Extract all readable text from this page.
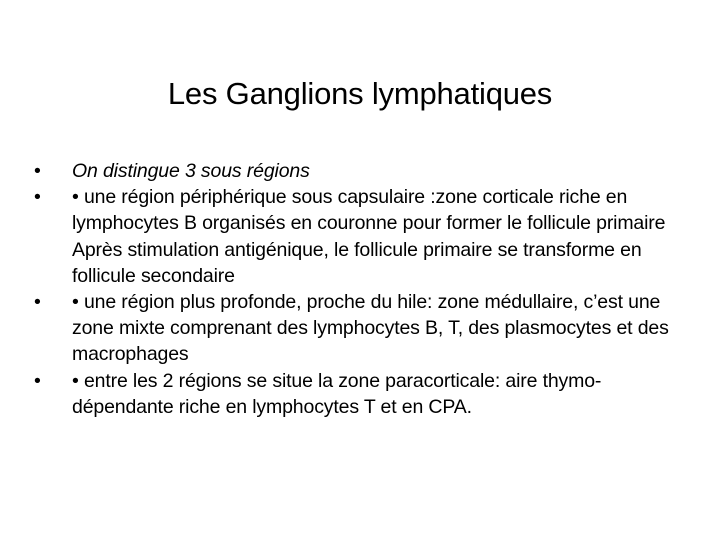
Les Ganglions lymphatiques
•	On distingue 3 sous régions
•	• une région périphérique sous capsulaire :zone corticale riche en lymphocytes B organisés en couronne pour former le follicule primaire Après stimulation antigénique, le follicule primaire se transforme en follicule secondaire
•	• une région plus profonde, proche du hile: zone médullaire, c’est une zone mixte comprenant des lymphocytes B, T, des plasmocytes et des macrophages
•	• entre les 2 régions se situe la zone paracorticale: aire thymo-dépendante riche en lymphocytes T et en CPA.
